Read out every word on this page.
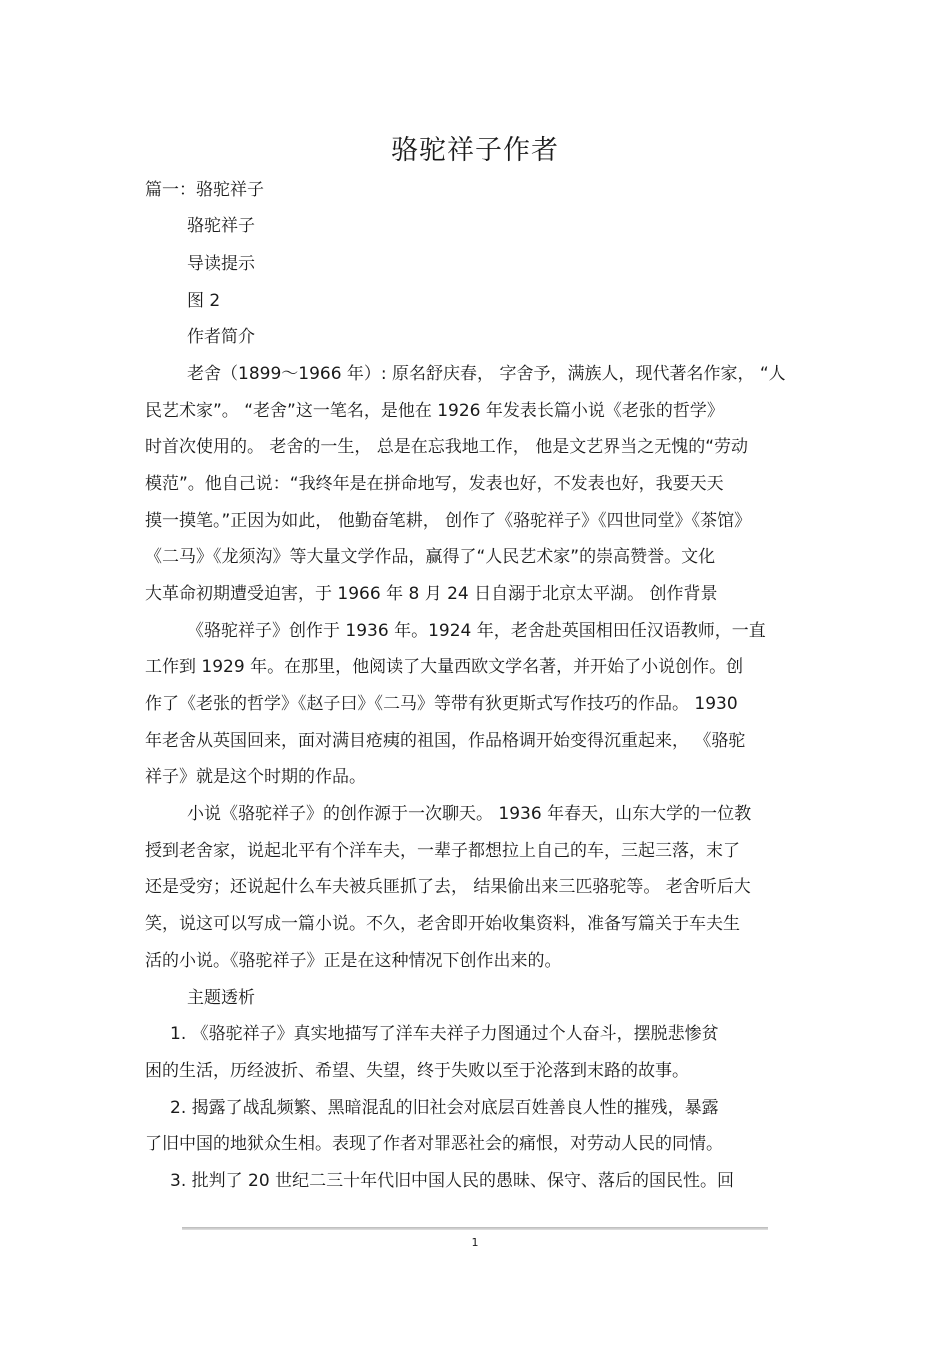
骆驼祥子作者
篇一：骆驼祥子
骆驼祥子
导读提示
图 2
作者简介
老舍（1899～1966 年）: 原名舒庆春， 字舍予，满族人，现代著名作家， “人
民艺术家”。 “老舍”这一笔名，是他在 1926 年发表长篇小说《老张的哲学》
时首次使用的。 老舍的一生， 总是在忘我地工作， 他是文艺界当之无愧的“劳动
模范”。他自己说：“我终年是在拼命地写，发表也好，不发表也好，我要天天
摸一摸笔。”正因为如此， 他勤奋笔耕， 创作了《骆驼祥子》《四世同堂》《茶馆》
《二马》《龙须沟》等大量文学作品，赢得了“人民艺术家”的崇高赞誉。文化
大革命初期遭受迫害，于 1966 年 8 月 24 日自溺于北京太平湖。 创作背景
《骆驼祥子》创作于 1936 年。1924 年，老舍赴英国相田任汉语教师，一直
工作到 1929 年。在那里，他阅读了大量西欧文学名著，并开始了小说创作。创
作了《老张的哲学》《赵子曰》《二马》等带有狄更斯式写作技巧的作品。 1930
年老舍从英国回来，面对满目疮痍的祖国，作品格调开始变得沉重起来， 《骆驼
祥子》就是这个时期的作品。
小说《骆驼祥子》的创作源于一次聊天。 1936 年春天，山东大学的一位教
授到老舍家，说起北平有个洋车夫，一辈子都想拉上自己的车，三起三落，末了
还是受穷；还说起什么车夫被兵匪抓了去， 结果偷出来三匹骆驼等。 老舍听后大
笑，说这可以写成一篇小说。不久，老舍即开始收集资料，准备写篇关于车夫生
活的小说。《骆驼祥子》正是在这种情况下创作出来的。
主题透析
1. 《骆驼祥子》真实地描写了洋车夫祥子力图通过个人奋斗，摆脱悲惨贫
困的生活，历经波折、希望、失望，终于失败以至于沦落到末路的故事。
2. 揭露了战乱频繁、黑暗混乱的旧社会对底层百姓善良人性的摧残，暴露
了旧中国的地狱众生相。表现了作者对罪恶社会的痛恨，对劳动人民的同情。
3. 批判了 20 世纪二三十年代旧中国人民的愚昧、保守、落后的国民性。回
1
